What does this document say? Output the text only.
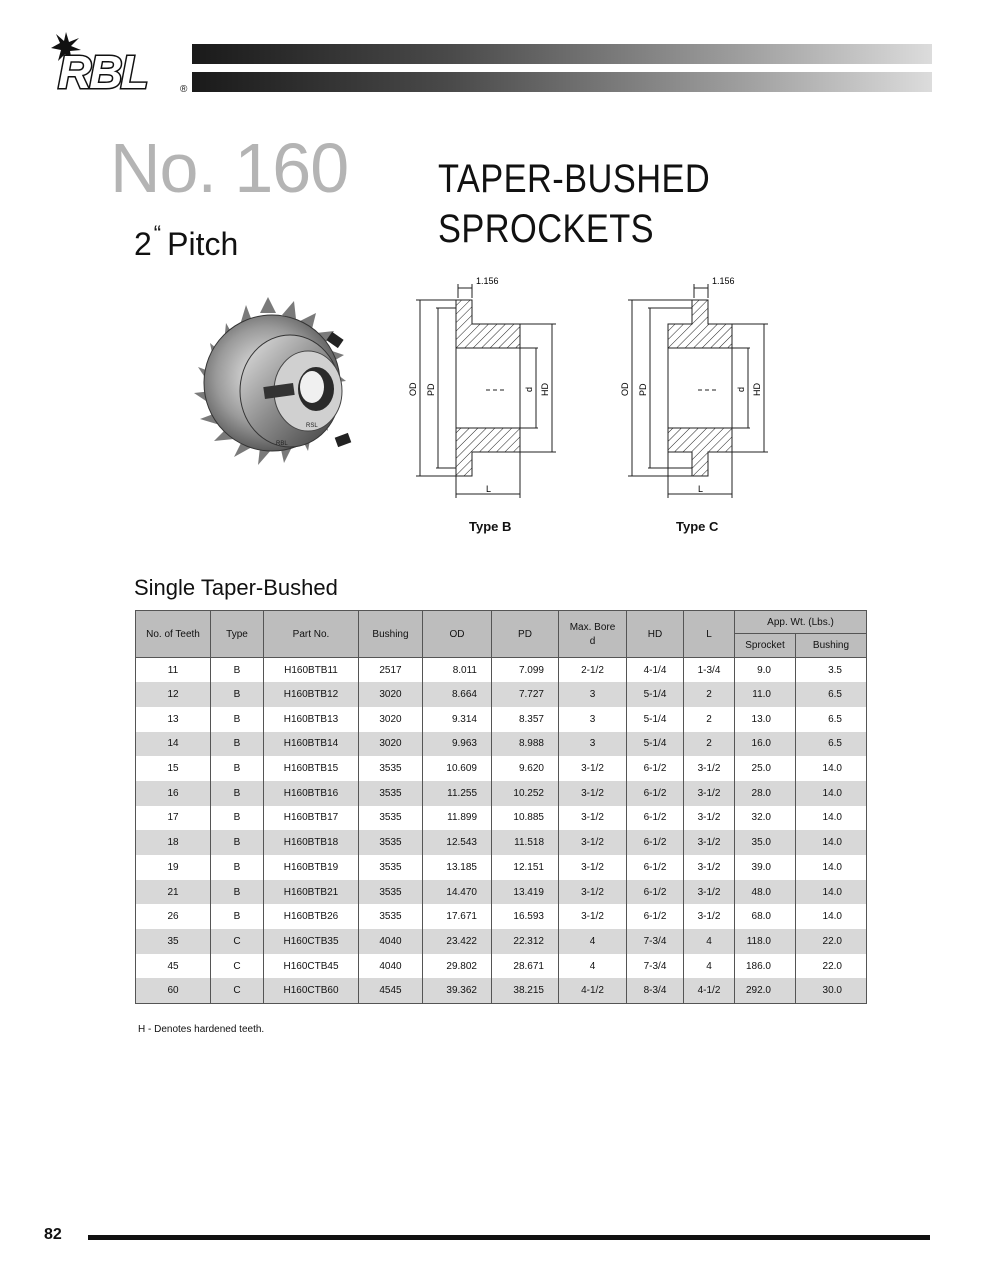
RBL	®
No. 160 TAPER-BUSHED SPROCKETS
2“ Pitch
RSL
RBL
1.156
OD PD	d HD
L
Type B
1.156
OD PD	d HD
L
Type C
Single Taper-Bushed
No. of Teeth	Type	Part No.	Bushing	OD	PD	Max. Bore
d	HD	L	App. Wt. (Lbs.)	
									Sprocket	Bushing
11	B	H160BTB11	2517	8.011	7.099	2-1/2	4-1/4	1-3/4	9.0	3.5
12	B	H160BTB12	3020	8.664	7.727	3	5-1/4	2	11.0	6.5
13	B	H160BTB13	3020	9.314	8.357	3	5-1/4	2	13.0	6.5
14	B	H160BTB14	3020	9.963	8.988	3	5-1/4	2	16.0	6.5
15	B	H160BTB15	3535	10.609	9.620	3-1/2	6-1/2	3-1/2	25.0	14.0
16	B	H160BTB16	3535	11.255	10.252	3-1/2	6-1/2	3-1/2	28.0	14.0
17	B	H160BTB17	3535	11.899	10.885	3-1/2	6-1/2	3-1/2	32.0	14.0
18	B	H160BTB18	3535	12.543	11.518	3-1/2	6-1/2	3-1/2	35.0	14.0
19	B	H160BTB19	3535	13.185	12.151	3-1/2	6-1/2	3-1/2	39.0	14.0
21	B	H160BTB21	3535	14.470	13.419	3-1/2	6-1/2	3-1/2	48.0	14.0
26	B	H160BTB26	3535	17.671	16.593	3-1/2	6-1/2	3-1/2	68.0	14.0
35	C	H160CTB35	4040	23.422	22.312	4	7-3/4	4	118.0	22.0
45	C	H160CTB45	4040	29.802	28.671	4	7-3/4	4	186.0	22.0
60	C	H160CTB60	4545	39.362	38.215	4-1/2	8-3/4	4-1/2	292.0	30.0
H - Denotes hardened teeth.
82
